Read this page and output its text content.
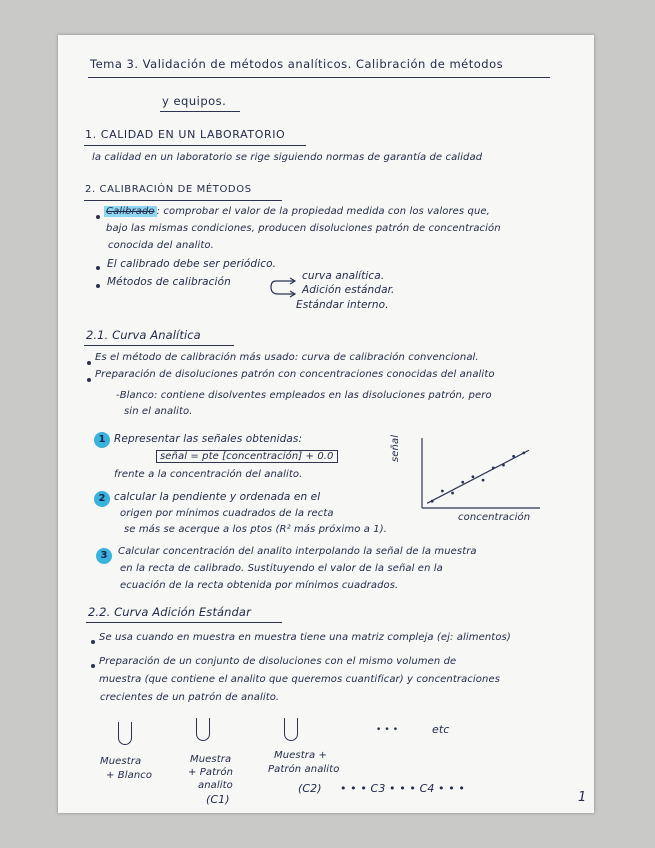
Tema 3. Validación de métodos analíticos. Calibración de métodos
y equipos.
1. CALIDAD EN UN LABORATORIO
la calidad en un laboratorio se rige siguiendo normas de garantía de calidad
2. CALIBRACIÓN DE MÉTODOS
Calibrado : comprobar el valor de la propiedad medida con los valores que,
bajo las mismas condiciones, producen disoluciones patrón de concentración
conocida del analito.
El calibrado debe ser periódico.
Métodos de calibración	curva analítica.
Adición estándar.
Estándar interno.
2.1. Curva Analítica
Es el método de calibración más usado: curva de calibración convencional.
Preparación de disoluciones patrón con concentraciones conocidas del analito
-Blanco: contiene disolventes empleados en las disoluciones patrón, pero
sin el analito.
1 Representar las señales obtenidas:
señal = pte [concentración] + 0.0
frente a la concentración del analito.
señal
concentración
2 calcular la pendiente y ordenada en el
origen por mínimos cuadrados de la recta
se más se acerque a los ptos (R² más próximo a 1).
3	Calcular concentración del analito interpolando la señal de la muestra
en la recta de calibrado. Sustituyendo el valor de la señal en la
ecuación de la recta obtenida por mínimos cuadrados.
2.2. Curva Adición Estándar
Se usa cuando en muestra en muestra tiene una matriz compleja (ej: alimentos)
Preparación de un conjunto de disoluciones con el mismo volumen de
muestra (que contiene el analito que queremos cuantificar) y concentraciones
crecientes de un patrón de analito.
• • •	etc
Muestra
+ Blanco
Muestra
+ Patrón
analito
(C1)
Muestra +
Patrón analito
(C2) • • • C3 • • • C4 • • •
1
